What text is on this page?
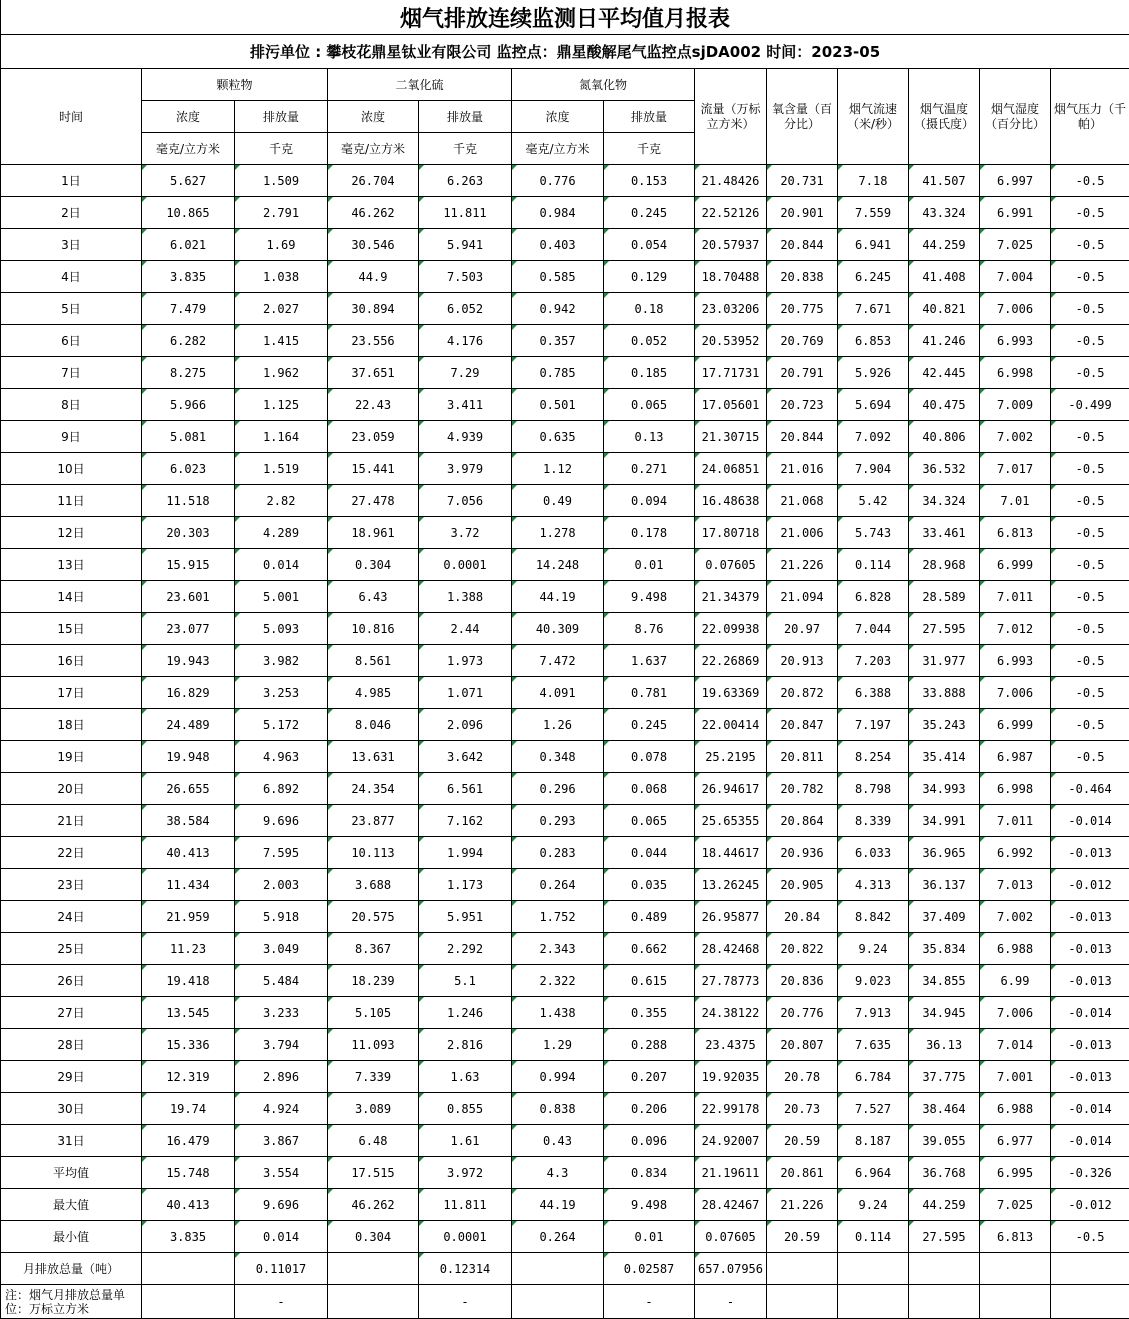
烟气排放连续监测日平均值月报表												
排污单位 : 攀枝花鼎星钛业有限公司 监控点：鼎星酸解尾气监控点sjDA002 时间：2023-05												
时间	颗粒物		二氧化硫		氮氧化物		流量（万标立方米）	氧含量（百分比）	烟气流速（米/秒）	烟气温度（摄氏度）	烟气湿度（百分比）	烟气压力（千帕）
	浓度	排放量	浓度	排放量	浓度	排放量						
	毫克/立方米	千克	毫克/立方米	千克	毫克/立方米	千克						
1日	5.627	1.509	26.704	6.263	0.776	0.153	21.48426	20.731	7.18	41.507	6.997	-0.5
2日	10.865	2.791	46.262	11.811	0.984	0.245	22.52126	20.901	7.559	43.324	6.991	-0.5
3日	6.021	1.69	30.546	5.941	0.403	0.054	20.57937	20.844	6.941	44.259	7.025	-0.5
4日	3.835	1.038	44.9	7.503	0.585	0.129	18.70488	20.838	6.245	41.408	7.004	-0.5
5日	7.479	2.027	30.894	6.052	0.942	0.18	23.03206	20.775	7.671	40.821	7.006	-0.5
6日	6.282	1.415	23.556	4.176	0.357	0.052	20.53952	20.769	6.853	41.246	6.993	-0.5
7日	8.275	1.962	37.651	7.29	0.785	0.185	17.71731	20.791	5.926	42.445	6.998	-0.5
8日	5.966	1.125	22.43	3.411	0.501	0.065	17.05601	20.723	5.694	40.475	7.009	-0.499
9日	5.081	1.164	23.059	4.939	0.635	0.13	21.30715	20.844	7.092	40.806	7.002	-0.5
10日	6.023	1.519	15.441	3.979	1.12	0.271	24.06851	21.016	7.904	36.532	7.017	-0.5
11日	11.518	2.82	27.478	7.056	0.49	0.094	16.48638	21.068	5.42	34.324	7.01	-0.5
12日	20.303	4.289	18.961	3.72	1.278	0.178	17.80718	21.006	5.743	33.461	6.813	-0.5
13日	15.915	0.014	0.304	0.0001	14.248	0.01	0.07605	21.226	0.114	28.968	6.999	-0.5
14日	23.601	5.001	6.43	1.388	44.19	9.498	21.34379	21.094	6.828	28.589	7.011	-0.5
15日	23.077	5.093	10.816	2.44	40.309	8.76	22.09938	20.97	7.044	27.595	7.012	-0.5
16日	19.943	3.982	8.561	1.973	7.472	1.637	22.26869	20.913	7.203	31.977	6.993	-0.5
17日	16.829	3.253	4.985	1.071	4.091	0.781	19.63369	20.872	6.388	33.888	7.006	-0.5
18日	24.489	5.172	8.046	2.096	1.26	0.245	22.00414	20.847	7.197	35.243	6.999	-0.5
19日	19.948	4.963	13.631	3.642	0.348	0.078	25.2195	20.811	8.254	35.414	6.987	-0.5
20日	26.655	6.892	24.354	6.561	0.296	0.068	26.94617	20.782	8.798	34.993	6.998	-0.464
21日	38.584	9.696	23.877	7.162	0.293	0.065	25.65355	20.864	8.339	34.991	7.011	-0.014
22日	40.413	7.595	10.113	1.994	0.283	0.044	18.44617	20.936	6.033	36.965	6.992	-0.013
23日	11.434	2.003	3.688	1.173	0.264	0.035	13.26245	20.905	4.313	36.137	7.013	-0.012
24日	21.959	5.918	20.575	5.951	1.752	0.489	26.95877	20.84	8.842	37.409	7.002	-0.013
25日	11.23	3.049	8.367	2.292	2.343	0.662	28.42468	20.822	9.24	35.834	6.988	-0.013
26日	19.418	5.484	18.239	5.1	2.322	0.615	27.78773	20.836	9.023	34.855	6.99	-0.013
27日	13.545	3.233	5.105	1.246	1.438	0.355	24.38122	20.776	7.913	34.945	7.006	-0.014
28日	15.336	3.794	11.093	2.816	1.29	0.288	23.4375	20.807	7.635	36.13	7.014	-0.013
29日	12.319	2.896	7.339	1.63	0.994	0.207	19.92035	20.78	6.784	37.775	7.001	-0.013
30日	19.74	4.924	3.089	0.855	0.838	0.206	22.99178	20.73	7.527	38.464	6.988	-0.014
31日	16.479	3.867	6.48	1.61	0.43	0.096	24.92007	20.59	8.187	39.055	6.977	-0.014
平均值	15.748	3.554	17.515	3.972	4.3	0.834	21.19611	20.861	6.964	36.768	6.995	-0.326
最大值	40.413	9.696	46.262	11.811	44.19	9.498	28.42467	21.226	9.24	44.259	7.025	-0.012
最小值	3.835	0.014	0.304	0.0001	0.264	0.01	0.07605	20.59	0.114	27.595	6.813	-0.5
月排放总量（吨）		0.11017		0.12314		0.02587	657.07956					
注：烟气月排放总量单位：万标立方米		-		-		-	-					
